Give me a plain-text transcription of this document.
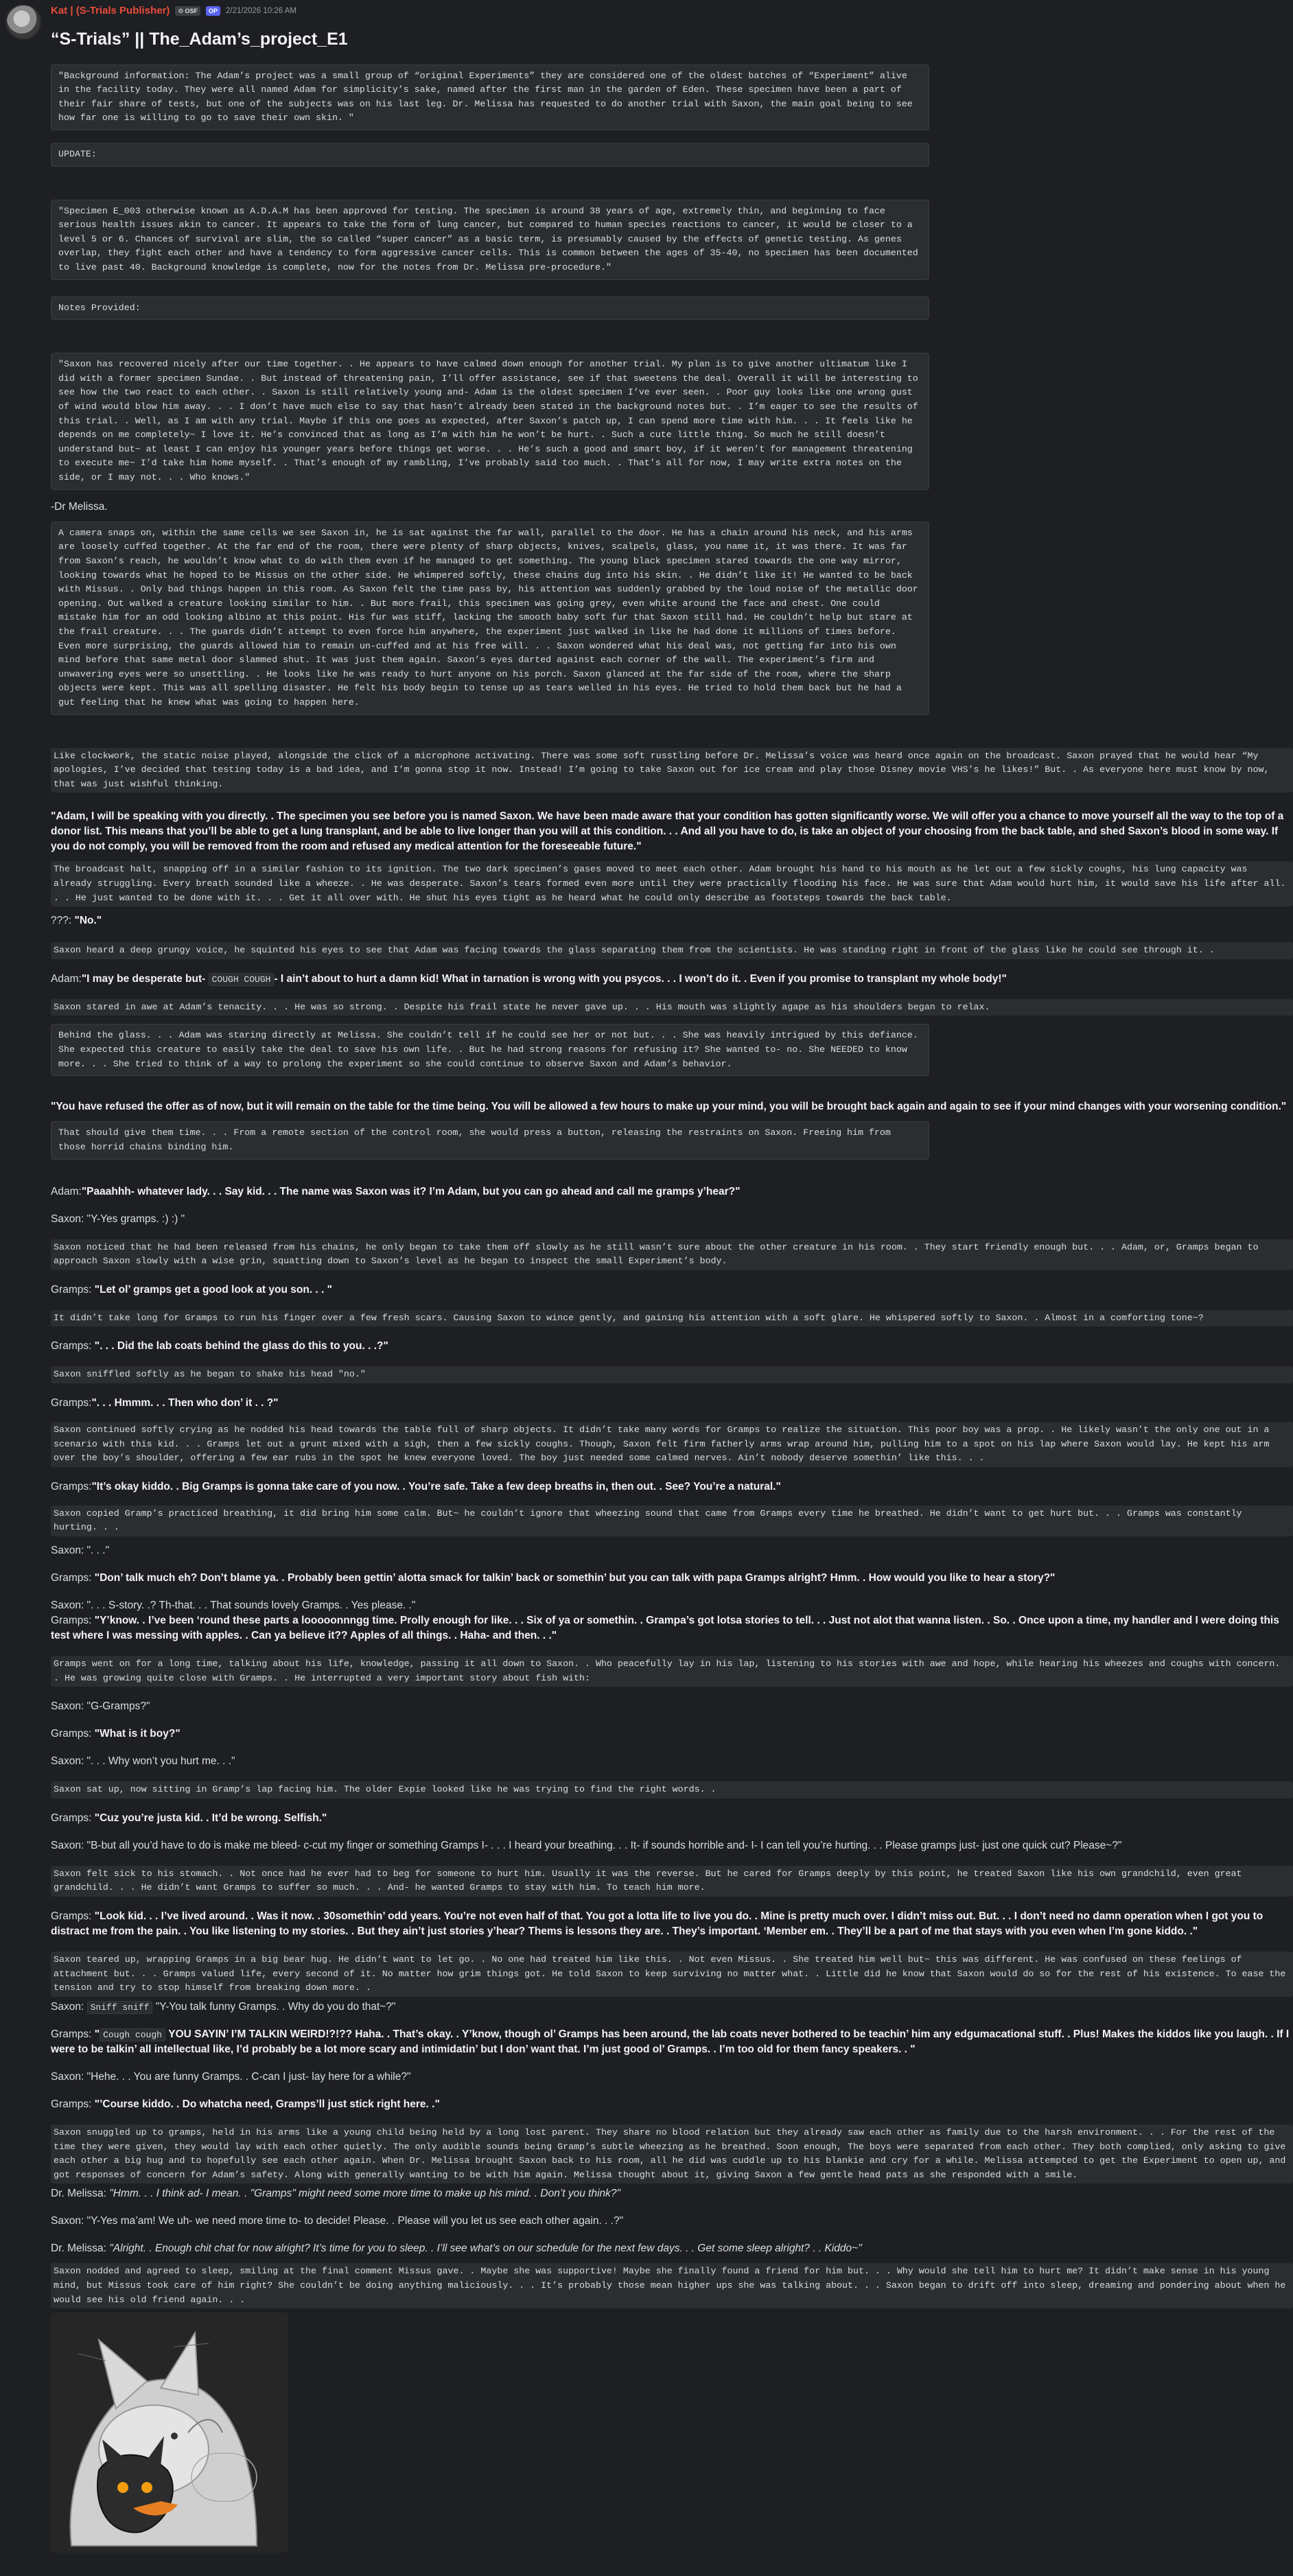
Kat | (S-Trials Publisher) ⚙ OSF	OP	2/21/2026 10:26 AM
“S-Trials” || The_Adam’s_project_E1
"Background information: The Adam’s project was a small group of “original Experiments” they are considered one of the oldest batches of “Experiment” alive in the facility today. They were all named Adam for simplicity’s sake, named after the first man in the garden of Eden. These specimen have been a part of their fair share of tests, but one of the subjects was on his last leg. Dr. Melissa has requested to do another trial with Saxon, the main goal being to see how far one is willing to go to save their own skin. "
UPDATE:
"Specimen E_003 otherwise known as A.D.A.M has been approved for testing. The specimen is around 38 years of age, extremely thin, and beginning to face serious health issues akin to cancer. It appears to take the form of lung cancer, but compared to human species reactions to cancer, it would be closer to a level 5 or 6. Chances of survival are slim, the so called “super cancer” as a basic term, is presumably caused by the effects of genetic testing. As genes overlap, they fight each other and have a tendency to form aggressive cancer cells. This is common between the ages of 35-40, no specimen has been documented to live past 40. Background knowledge is complete, now for the notes from Dr. Melissa pre-procedure."
Notes Provided:
"Saxon has recovered nicely after our time together. . He appears to have calmed down enough for another trial. My plan is to give another ultimatum like I did with a former specimen Sundae. . But instead of threatening pain, I’ll offer assistance, see if that sweetens the deal. Overall it will be interesting to see how the two react to each other. . Saxon is still relatively young and- Adam is the oldest specimen I’ve ever seen. . Poor guy looks like one wrong gust of wind would blow him away. . . I don’t have much else to say that hasn’t already been stated in the background notes but. . I’m eager to see the results of this trial. . Well, as I am with any trial. Maybe if this one goes as expected, after Saxon’s patch up, I can spend more time with him. . . It feels like he depends on me completely~ I love it. He’s convinced that as long as I’m with him he won’t be hurt. . Such a cute little thing. So much he still doesn’t understand but~ at least I can enjoy his younger years before things get worse. . . He’s such a good and smart boy, if it weren’t for management threatening to execute me~ I’d take him home myself. . That’s enough of my rambling, I’ve probably said too much. . That’s all for now, I may write extra notes on the side, or I may not. . . Who knows."
-Dr Melissa.
A camera snaps on, within the same cells we see Saxon in, he is sat against the far wall, parallel to the door. He has a chain around his neck, and his arms are loosely cuffed together. At the far end of the room, there were plenty of sharp objects, knives, scalpels, glass, you name it, it was there. It was far from Saxon’s reach, he wouldn’t know what to do with them even if he managed to get something. The young black specimen stared towards the one way mirror, looking towards what he hoped to be Missus on the other side. He whimpered softly, these chains dug into his skin. . He didn’t like it! He wanted to be back with Missus. . Only bad things happen in this room. As Saxon felt the time pass by, his attention was suddenly grabbed by the loud noise of the metallic door opening. Out walked a creature looking similar to him. . But more frail, this specimen was going grey, even white around the face and chest. One could mistake him for an odd looking albino at this point. His fur was stiff, lacking the smooth baby soft fur that Saxon still had. He couldn’t help but stare at the frail creature. . . The guards didn’t attempt to even force him anywhere, the experiment just walked in like he had done it millions of times before. Even more surprising, the guards allowed him to remain un-cuffed and at his free will. . . Saxon wondered what his deal was, not getting far into his own mind before that same metal door slammed shut. It was just them again. Saxon’s eyes darted against each corner of the wall. The experiment’s firm and unwavering eyes were so unsettling. . He looks like he was ready to hurt anyone on his porch. Saxon glanced at the far side of the room, where the sharp objects were kept. This was all spelling disaster. He felt his body begin to tense up as tears welled in his eyes. He tried to hold them back but he had a gut feeling that he knew what was going to happen here.
Like clockwork, the static noise played, alongside the click of a microphone activating. There was some soft russtling before Dr. Melissa’s voice was heard once again on the broadcast. Saxon prayed that he would hear “My apologies, I’ve decided that testing today is a bad idea, and I’m gonna stop it now. Instead! I’m going to take Saxon out for ice cream and play those Disney movie VHS’s he likes!” But. . As everyone here must know by now, that was just wishful thinking.
"Adam, I will be speaking with you directly. . The specimen you see before you is named Saxon. We have been made aware that your condition has gotten significantly worse. We will offer you a chance to move yourself all the way to the top of a donor list. This means that you’ll be able to get a lung transplant, and be able to live longer than you will at this condition. . . And all you have to do, is take an object of your choosing from the back table, and shed Saxon’s blood in some way. If you do not comply, you will be removed from the room and refused any medical attention for the foreseeable future."
The broadcast halt, snapping off in a similar fashion to its ignition. The two dark specimen’s gases moved to meet each other. Adam brought his hand to his mouth as he let out a few sickly coughs, his lung capacity was already struggling. Every breath sounded like a wheeze. . He was desperate. Saxon’s tears formed even more until they were practically flooding his face. He was sure that Adam would hurt him, it would save his life after all. . . He just wanted to be done with it. . . Get it all over with. He shut his eyes tight as he heard what he could only describe as footsteps towards the back table.
???: "No."
Saxon heard a deep grungy voice, he squinted his eyes to see that Adam was facing towards the glass separating them from the scientists. He was standing right in front of the glass like he could see through it. .
Adam:"I may be desperate but- COUGH COUGH - I ain’t about to hurt a damn kid! What in tarnation is wrong with you psycos. . . I won’t do it. . Even if you promise to transplant my whole body!"
Saxon stared in awe at Adam’s tenacity. . . He was so strong. . Despite his frail state he never gave up. . . His mouth was slightly agape as his shoulders began to relax.
Behind the glass. . . Adam was staring directly at Melissa. She couldn’t tell if he could see her or not but. . . She was heavily intrigued by this defiance. She expected this creature to easily take the deal to save his own life. . But he had strong reasons for refusing it? She wanted to- no. She NEEDED to know more. . . She tried to think of a way to prolong the experiment so she could continue to observe Saxon and Adam’s behavior.
"You have refused the offer as of now, but it will remain on the table for the time being. You will be allowed a few hours to make up your mind, you will be brought back again and again to see if your mind changes with your worsening condition."
That should give them time. . . From a remote section of the control room, she would press a button, releasing the restraints on Saxon. Freeing him from those horrid chains binding him.
Adam:"Paaahhh- whatever lady. . . Say kid. . . The name was Saxon was it? I’m Adam, but you can go ahead and call me gramps y’hear?"
Saxon: "Y-Yes gramps. :) :) "
Saxon noticed that he had been released from his chains, he only began to take them off slowly as he still wasn’t sure about the other creature in his room. . They start friendly enough but. . . Adam, or, Gramps began to approach Saxon slowly with a wise grin, squatting down to Saxon’s level as he began to inspect the small Experiment’s body.
Gramps: "Let ol’ gramps get a good look at you son. . . "
It didn’t take long for Gramps to run his finger over a few fresh scars. Causing Saxon to wince gently, and gaining his attention with a soft glare. He whispered softly to Saxon. . Almost in a comforting tone~?
Gramps: ". . . Did the lab coats behind the glass do this to you. . .?"
Saxon sniffled softly as he began to shake his head "no."
Gramps:". . . Hmmm. . . Then who don’ it . . ?"
Saxon continued softly crying as he nodded his head towards the table full of sharp objects. It didn’t take many words for Gramps to realize the situation. This poor boy was a prop. . He likely wasn’t the only one out in a scenario with this kid. . . Gramps let out a grunt mixed with a sigh, then a few sickly coughs. Though, Saxon felt firm fatherly arms wrap around him, pulling him to a spot on his lap where Saxon would lay. He kept his arm over the boy’s shoulder, offering a few ear rubs in the spot he knew everyone loved. The boy just needed some calmed nerves. Ain’t nobody deserve somethin’ like this. . .
Gramps:"It’s okay kiddo. . Big Gramps is gonna take care of you now. . You’re safe. Take a few deep breaths in, then out. . See? You’re a natural."
Saxon copied Gramp’s practiced breathing, it did bring him some calm. But~ he couldn’t ignore that wheezing sound that came from Gramps every time he breathed. He didn’t want to get hurt but. . . Gramps was constantly hurting. . .
Saxon: ". . ."
Gramps: "Don’ talk much eh? Don’t blame ya. . Probably been gettin’ alotta smack for talkin’ back or somethin’ but you can talk with papa Gramps alright? Hmm. . How would you like to hear a story?"
Saxon: ". . . S-story. .? Th-that. . . That sounds lovely Gramps. . Yes please. ."
Gramps: "Y’know. . I’ve been ‘round these parts a looooonnngg time. Prolly enough for like. . . Six of ya or somethin. . Grampa’s got lotsa stories to tell. . . Just not alot that wanna listen. . So. . Once upon a time, my handler and I were doing this test where I was messing with apples. . Can ya believe it?? Apples of all things. . Haha- and then. . ."
Gramps went on for a long time, talking about his life, knowledge, passing it all down to Saxon. . Who peacefully lay in his lap, listening to his stories with awe and hope, while hearing his wheezes and coughs with concern. . He was growing quite close with Gramps. . He interrupted a very important story about fish with:
Saxon: "G-Gramps?"
Gramps: "What is it boy?"
Saxon: ". . . Why won’t you hurt me. . ."
Saxon sat up, now sitting in Gramp’s lap facing him. The older Expie looked like he was trying to find the right words. .
Gramps: "Cuz you’re justa kid. . It’d be wrong. Selfish."
Saxon: "B-but all you’d have to do is make me bleed- c-cut my finger or something Gramps I- . . . I heard your breathing. . . It- if sounds horrible and- I- I can tell you’re hurting. . . Please gramps just- just one quick cut? Please~?"
Saxon felt sick to his stomach. . Not once had he ever had to beg for someone to hurt him. Usually it was the reverse. But he cared for Gramps deeply by this point, he treated Saxon like his own grandchild, even great grandchild. . . He didn’t want Gramps to suffer so much. . . And- he wanted Gramps to stay with him. To teach him more.
Gramps: "Look kid. . . I’ve lived around. . Was it now. . 30somethin’ odd years. You’re not even half of that. You got a lotta life to live you do. . Mine is pretty much over. I didn’t miss out. But. . . I don’t need no damn operation when I got you to distract me from the pain. . You like listening to my stories. . But they ain’t just stories y’hear? Thems is lessons they are. . They’s important. ‘Member em. . They’ll be a part of me that stays with you even when I’m gone kiddo. ."
Saxon teared up, wrapping Gramps in a big bear hug. He didn’t want to let go. . No one had treated him like this. . Not even Missus. . She treated him well but~ this was different. He was confused on these feelings of attachment but. . . Gramps valued life, every second of it. No matter how grim things got. He told Saxon to keep surviving no matter what. . Little did he know that Saxon would do so for the rest of his existence. To ease the tension and try to stop himself from breaking down more. .
Saxon: Sniff sniff "Y-You talk funny Gramps. . Why do you do that~?"
Gramps: " Cough cough YOU SAYIN’ I’M TALKIN WEIRD!?!?? Haha. . That’s okay. . Y’know, though ol’ Gramps has been around, the lab coats never bothered to be teachin’ him any edgumacational stuff. . Plus! Makes the kiddos like you laugh. . If I were to be talkin’ all intellectual like, I’d probably be a lot more scary and intimidatin’ but I don’ want that. I’m just good ol’ Gramps. . I’m too old for them fancy speakers. . "
Saxon: "Hehe. . . You are funny Gramps. . C-can I just- lay here for a while?"
Gramps: "’Course kiddo. . Do whatcha need, Gramps’ll just stick right here. ."
Saxon snuggled up to gramps, held in his arms like a young child being held by a long lost parent. They share no blood relation but they already saw each other as family due to the harsh environment. . . For the rest of the time they were given, they would lay with each other quietly. The only audible sounds being Gramp’s subtle wheezing as he breathed. Soon enough, The boys were separated from each other. They both complied, only asking to give each other a big hug and to hopefully see each other again. When Dr. Melissa brought Saxon back to his room, all he did was cuddle up to his blankie and cry for a while. Melissa attempted to get the Experiment to open up, and got responses of concern for Adam’s safety. Along with generally wanting to be with him again. Melissa thought about it, giving Saxon a few gentle head pats as she responded with a smile.
Dr. Melissa: "Hmm. . . I think ad- I mean. . "Gramps" might need some more time to make up his mind. . Don’t you think?"
Saxon: "Y-Yes ma’am! We uh- we need more time to- to decide! Please. . Please will you let us see each other again. . .?"
Dr. Melissa: "Alright. . Enough chit chat for now alright? It’s time for you to sleep. . I’ll see what’s on our schedule for the next few days. . . Get some sleep alright? . . Kiddo~"
Saxon nodded and agreed to sleep, smiling at the final comment Missus gave. . Maybe she was supportive! Maybe she finally found a friend for him but. . . Why would she tell him to hurt me? It didn’t make sense in his young mind, but Missus took care of him right? She couldn’t be doing anything maliciously. . . It’s probably those mean higher ups she was talking about. . . Saxon began to drift off into sleep, dreaming and pondering about when he would see his old friend again. . .
